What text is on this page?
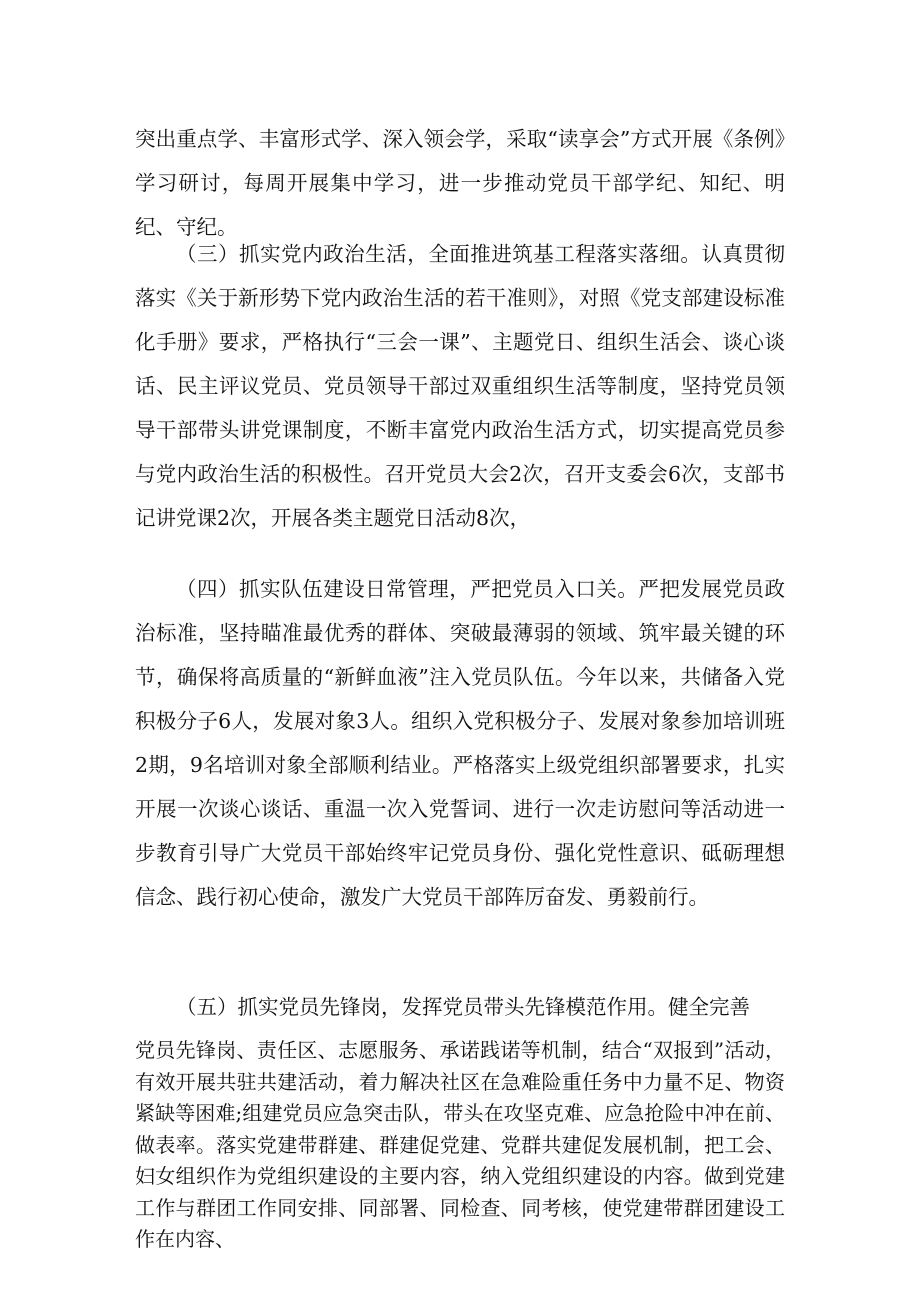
突出重点学、丰富形式学、深入领会学，采取“读享会”方式开展《条例》学习研讨，每周开展集中学习，进一步推动党员干部学纪、知纪、明纪、守纪。

（三）抓实党内政治生活，全面推进筑基工程落实落细。认真贯彻落实《关于新形势下党内政治生活的若干准则》，对照《党支部建设标准化手册》要求，严格执行“三会一课”、主题党日、组织生活会、谈心谈话、民主评议党员、党员领导干部过双重组织生活等制度，坚持党员领导干部带头讲党课制度，不断丰富党内政治生活方式，切实提高党员参与党内政治生活的积极性。召开党员大会2次，召开支委会6次，支部书记讲党课2次，开展各类主题党日活动8次，

（四）抓实队伍建设日常管理，严把党员入口关。严把发展党员政治标准，坚持瞄准最优秀的群体、突破最薄弱的领域、筑牢最关键的环节，确保将高质量的“新鲜血液”注入党员队伍。今年以来，共储备入党积极分子6人，发展对象3人。组织入党积极分子、发展对象参加培训班2期，9名培训对象全部顺利结业。严格落实上级党组织部署要求，扎实开展一次谈心谈话、重温一次入党誓词、进行一次走访慰问等活动进一步教育引导广大党员干部始终牢记党员身份、强化党性意识、砥砺理想信念、践行初心使命，激发广大党员干部阵厉奋发、勇毅前行。

（五）抓实党员先锋岗，发挥党员带头先锋模范作用。健全完善

党员先锋岗、责任区、志愿服务、承诺践诺等机制，结合“双报到”活动，有效开展共驻共建活动，着力解决社区在急难险重任务中力量不足、物资紧缺等困难;组建党员应急突击队，带头在攻坚克难、应急抢险中冲在前、做表率。落实党建带群建、群建促党建、党群共建促发展机制，把工会、妇女组织作为党组织建设的主要内容，纳入党组织建设的内容。做到党建工作与群团工作同安排、同部署、同检查、同考核，使党建带群团建设工作在内容、
